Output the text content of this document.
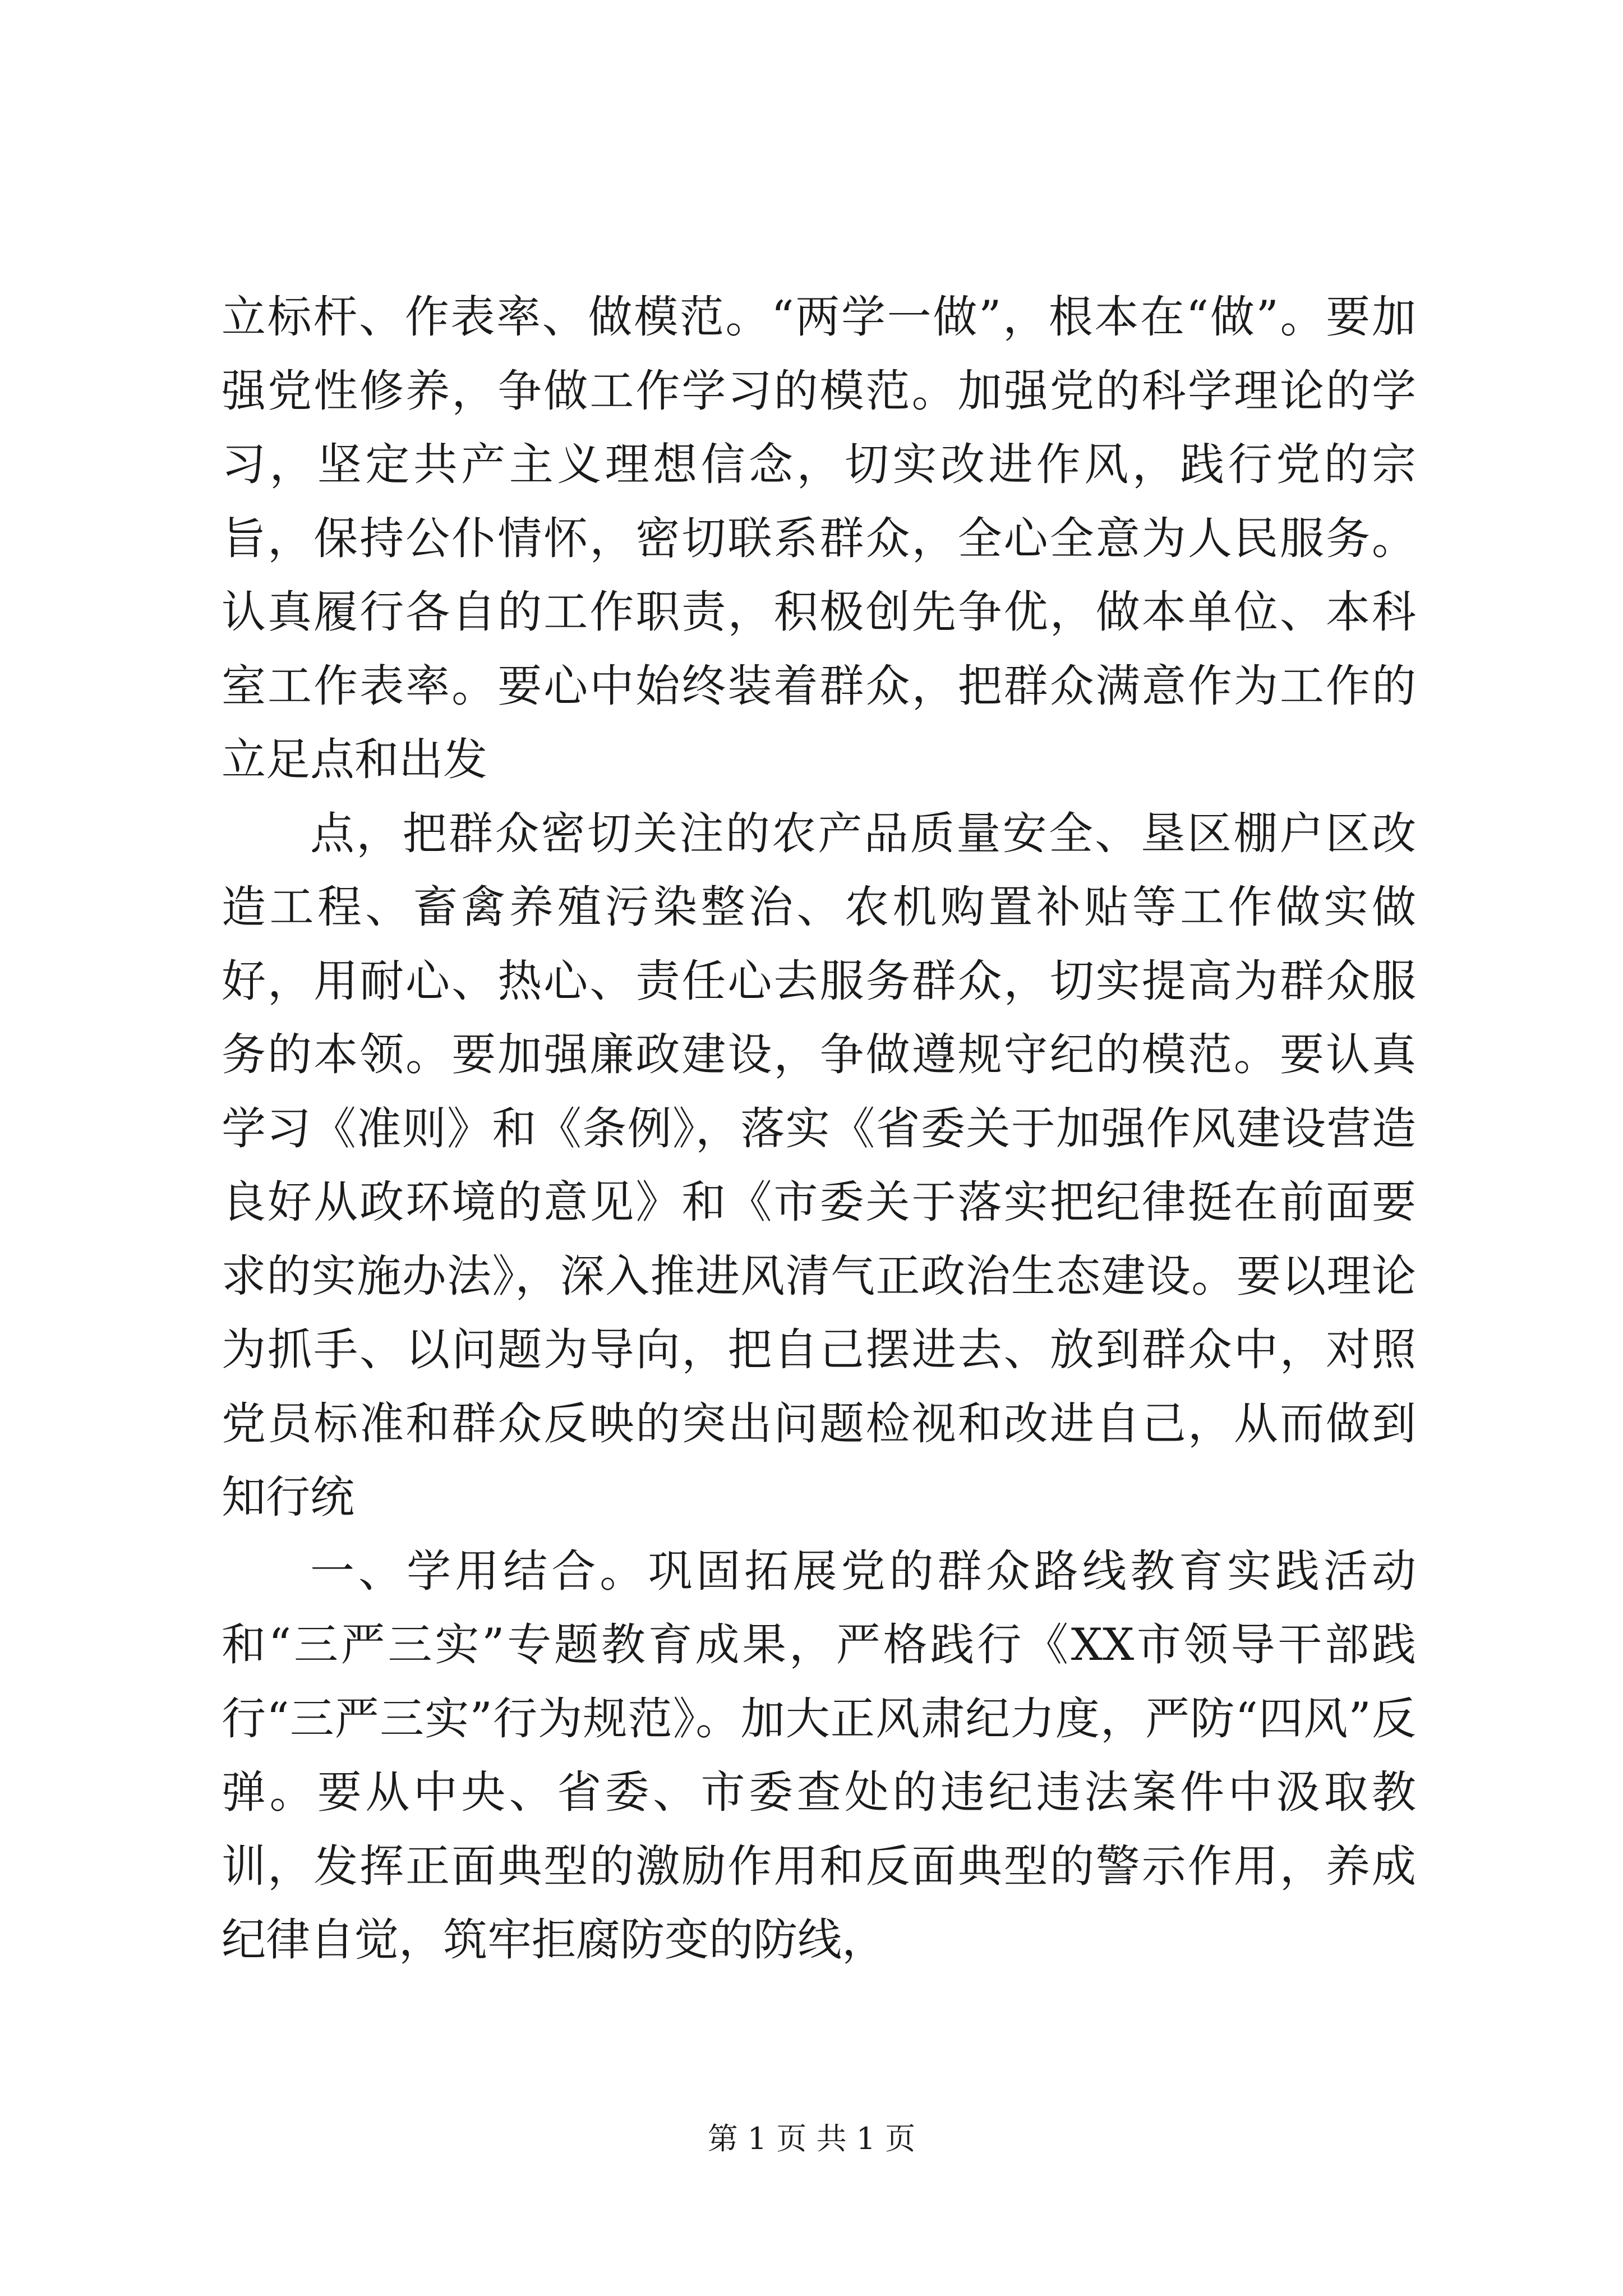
立标杆、作表率、做模范。“两学一做”，根本在“做”。要加强党性修养，争做工作学习的模范。加强党的科学理论的学习，坚定共产主义理想信念，切实改进作风，践行党的宗旨，保持公仆情怀，密切联系群众，全心全意为人民服务。认真履行各自的工作职责，积极创先争优，做本单位、本科室工作表率。要心中始终装着群众，把群众满意作为工作的立足点和出发

点，把群众密切关注的农产品质量安全、垦区棚户区改造工程、畜禽养殖污染整治、农机购置补贴等工作做实做好，用耐心、热心、责任心去服务群众，切实提高为群众服务的本领。要加强廉政建设，争做遵规守纪的模范。要认真学习《准则》和《条例》，落实《省委关于加强作风建设营造良好从政环境的意见》和《市委关于落实把纪律挺在前面要求的实施办法》，深入推进风清气正政治生态建设。要以理论为抓手、以问题为导向，把自己摆进去、放到群众中，对照党员标准和群众反映的突出问题检视和改进自己，从而做到知行统

一、学用结合。巩固拓展党的群众路线教育实践活动和“三严三实”专题教育成果，严格践行《XX市领导干部践行“三严三实”行为规范》。加大正风肃纪力度，严防“四风”反弹。要从中央、省委、市委查处的违纪违法案件中汲取教训，发挥正面典型的激励作用和反面典型的警示作用，养成纪律自觉，筑牢拒腐防变的防线，

第 1 页 共 1 页
